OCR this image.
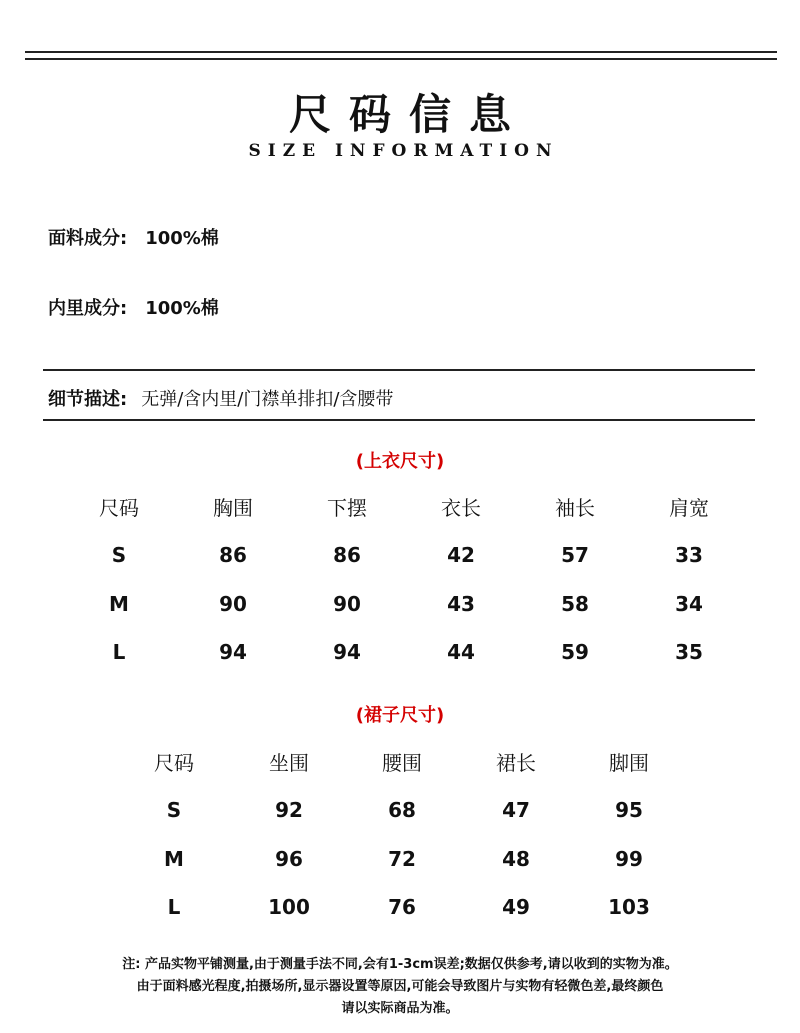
尺码信息
SIZE INFORMATION
面料成分: 100%棉
内里成分: 100%棉
细节描述: 无弹/含内里/门襟单排扣/含腰带
(上衣尺寸)
尺码	胸围	下摆	衣长	袖长	肩宽
S	86	86	42	57	33
M	90	90	43	58	34
L	94	94	44	59	35
(裙子尺寸)
尺码	坐围	腰围	裙长	脚围
S	92	68	47	95
M	96	72	48	99
L	100	76	49	103
注: 产品实物平铺测量,由于测量手法不同,会有1-3cm误差;数据仅供参考,请以收到的实物为准。
由于面料感光程度,拍摄场所,显示器设置等原因,可能会导致图片与实物有轻微色差,最终颜色
请以实际商品为准。
